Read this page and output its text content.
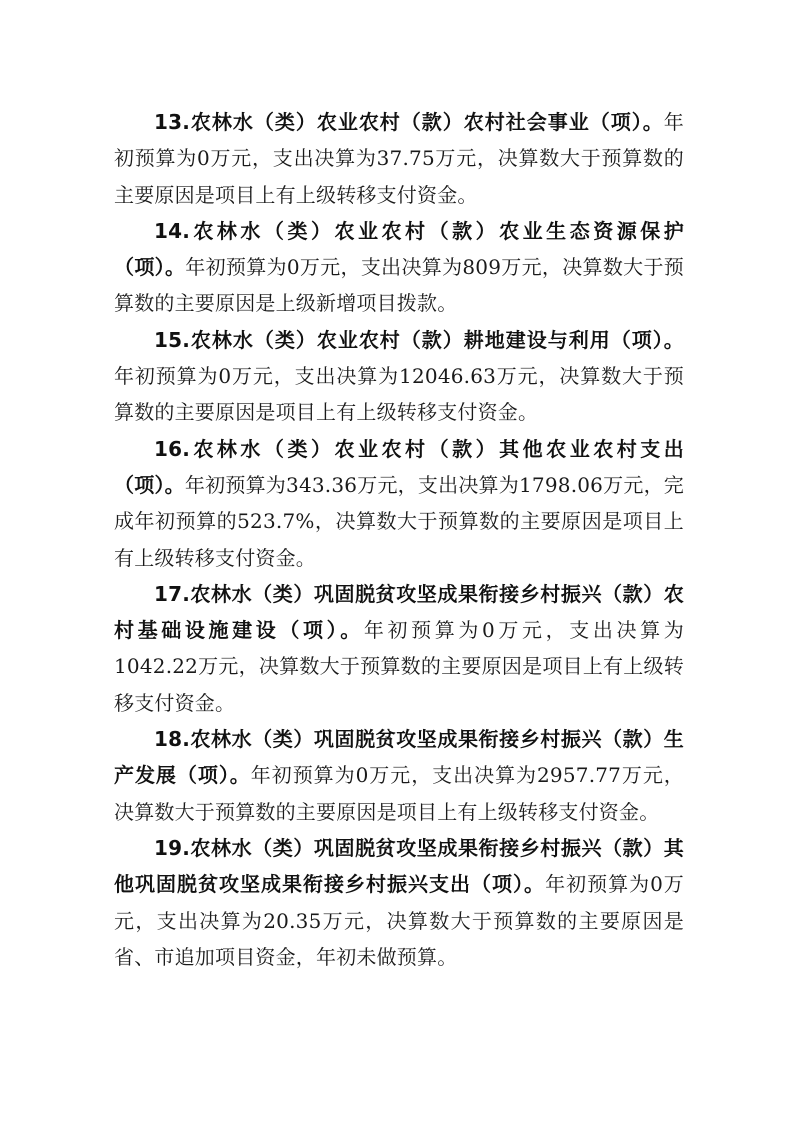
13.农林水（类）农业农村（款）农村社会事业（项）。年初预算为0万元，支出决算为37.75万元，决算数大于预算数的主要原因是项目上有上级转移支付资金。

14.农林水（类）农业农村（款）农业生态资源保护（项）。年初预算为0万元，支出决算为809万元，决算数大于预算数的主要原因是上级新增项目拨款。

15.农林水（类）农业农村（款）耕地建设与利用（项）。年初预算为0万元，支出决算为12046.63万元，决算数大于预算数的主要原因是项目上有上级转移支付资金。

16.农林水（类）农业农村（款）其他农业农村支出（项）。年初预算为343.36万元，支出决算为1798.06万元，完成年初预算的523.7%，决算数大于预算数的主要原因是项目上有上级转移支付资金。

17.农林水（类）巩固脱贫攻坚成果衔接乡村振兴（款）农村基础设施建设（项）。年初预算为0万元，支出决算为1042.22万元，决算数大于预算数的主要原因是项目上有上级转移支付资金。

18.农林水（类）巩固脱贫攻坚成果衔接乡村振兴（款）生产发展（项）。年初预算为0万元，支出决算为2957.77万元，决算数大于预算数的主要原因是项目上有上级转移支付资金。

19.农林水（类）巩固脱贫攻坚成果衔接乡村振兴（款）其他巩固脱贫攻坚成果衔接乡村振兴支出（项）。年初预算为0万元，支出决算为20.35万元，决算数大于预算数的主要原因是省、市追加项目资金，年初未做预算。
